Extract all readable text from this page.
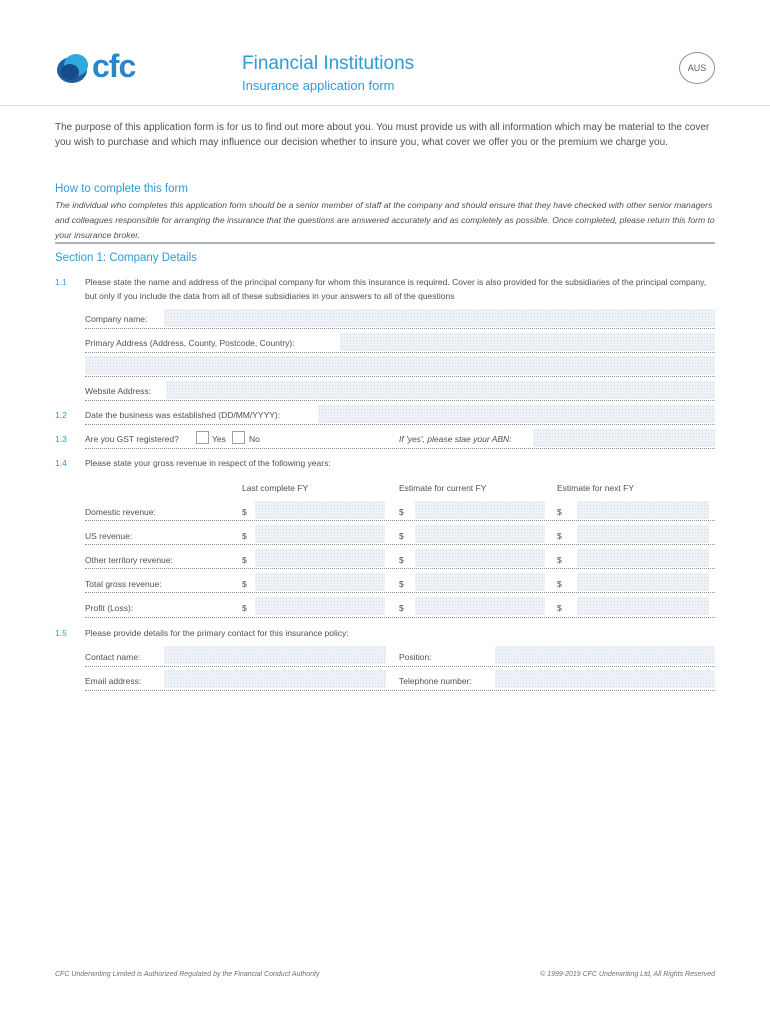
cfc	Financial Institutions
Insurance application form
AUS
The purpose of this application form is for us to find out more about you. You must provide us with all information which may be material to the cover you wish to purchase and which may influence our decision whether to insure you, what cover we offer you or the premium we charge you.
How to complete this form
The individual who completes this application form should be a senior member of staff at the company and should ensure that they have checked with other senior managers and colleagues responsible for arranging the insurance that the questions are answered accurately and as completely as possible. Once completed, please return this form to your insurance broker.
Section 1: Company Details
1.1 Please state the name and address of the principal company for whom this insurance is required. Cover is also provided for the subsidiaries of the principal company, but only if you include the data from all of these subsidiaries in your answers to all of the questions
Company name:
Primary Address (Address, County, Postcode, Country):
Website Address:
1.2 Date the business was established (DD/MM/YYYY):
1.3 Are you GST registered?	Yes	No	If 'yes', please stae your ABN:
1.4 Please state your gross revenue in respect of the following years:
Last complete FY	Estimate for current FY	Estimate for next FY
Domestic revenue:	$	$	$
US revenue:	$	$	$
Other territory revenue:	$	$	$
Total gross revenue:	$	$	$
Profit (Loss):	$	$	$
1.5 Please provide details for the primary contact for this insurance policy:
Contact name:	Position:
Email address:	Telephone number:
CFC Underwriting Limited is Authorized Regulated by the Financial Conduct Authority	© 1999-2019 CFC Underwriting Ltd, All Rights Reserved
